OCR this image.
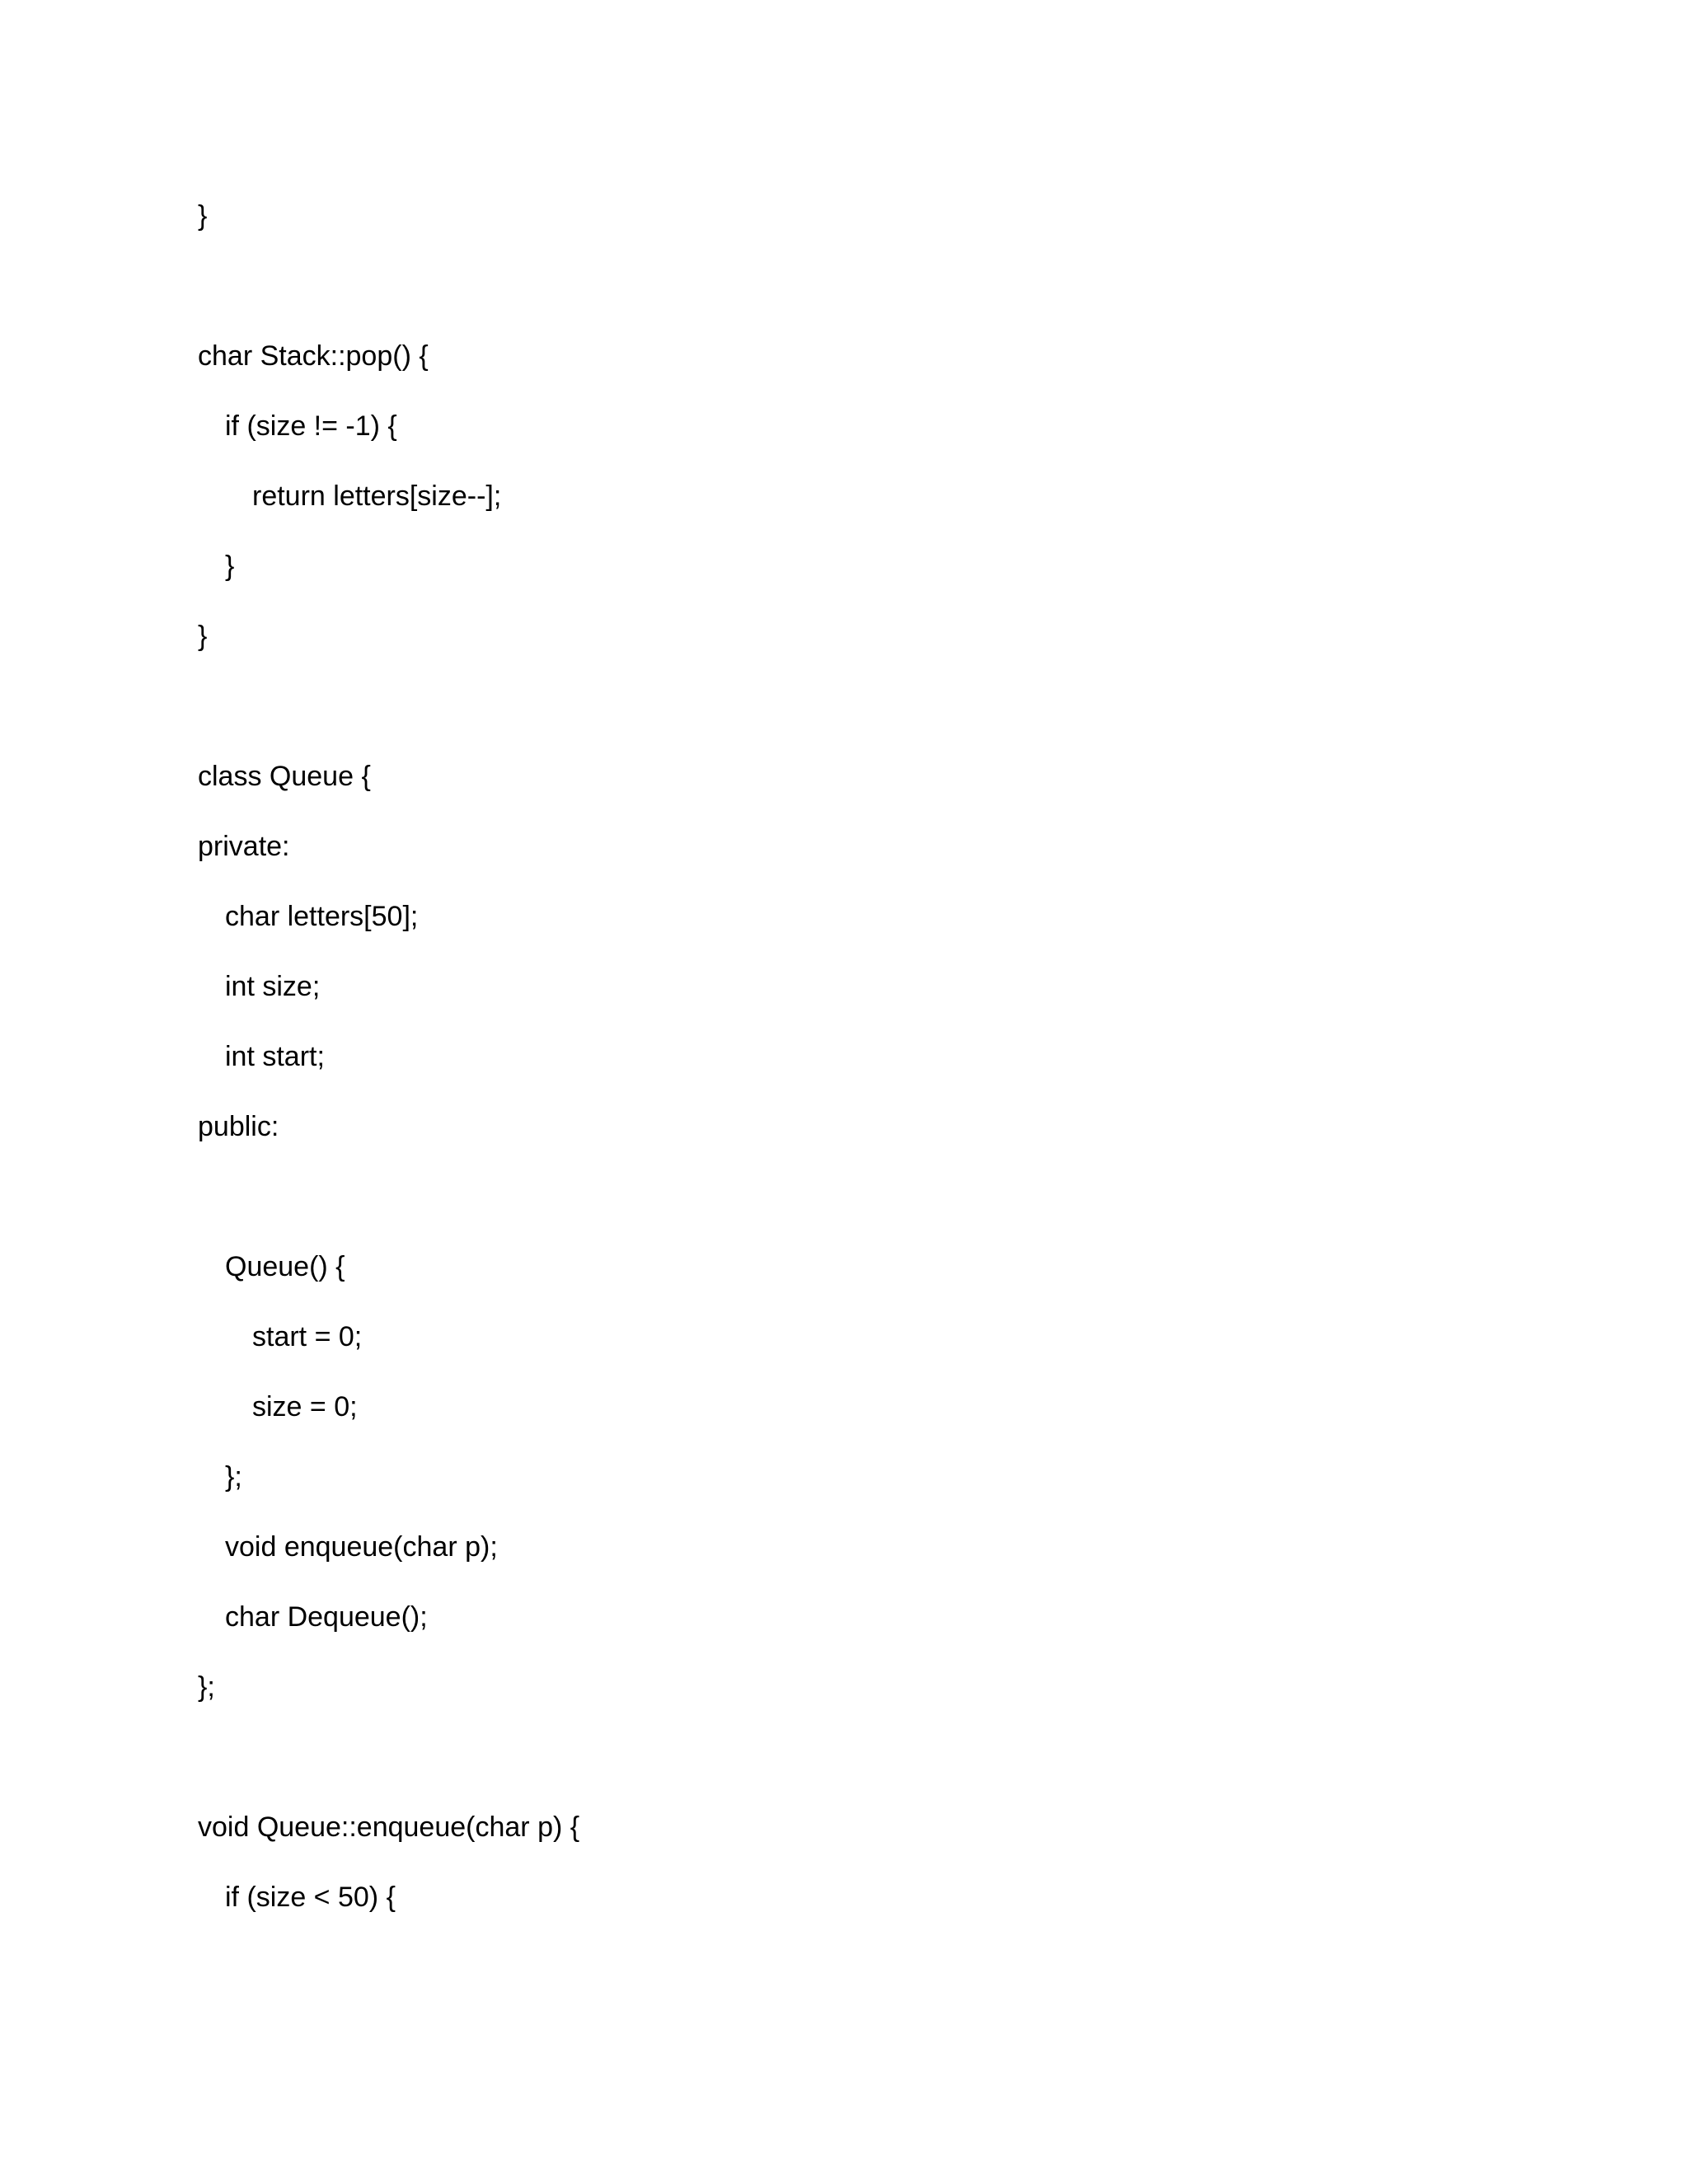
}
char Stack::pop() {
if (size != -1) {
return letters[size--];
}
}
class Queue {
private:
char letters[50];
int size;
int start;
public:
Queue() {
start = 0;
size = 0;
};
void enqueue(char p);
char Dequeue();
};
void Queue::enqueue(char p) {
if (size < 50) {
